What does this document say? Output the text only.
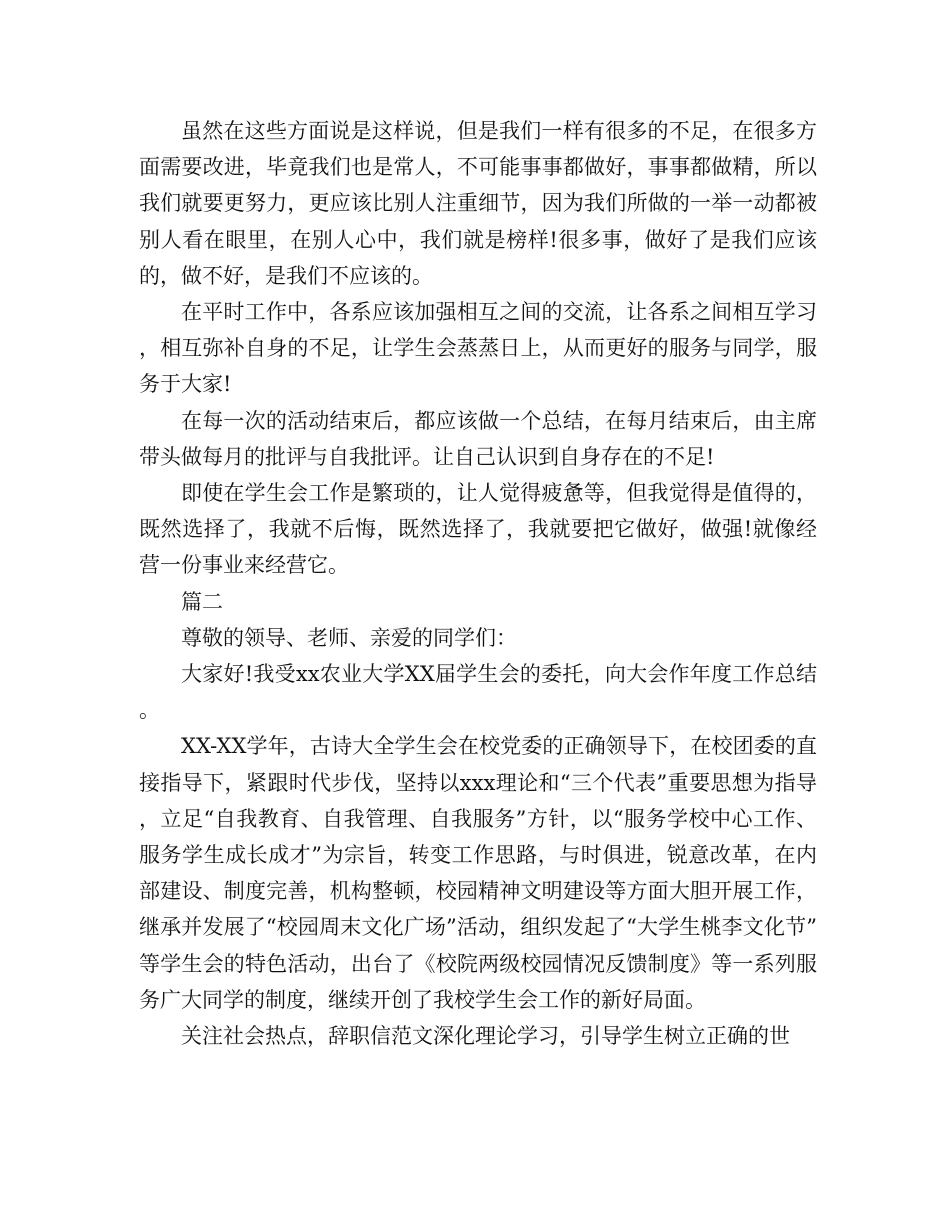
虽然在这些方面说是这样说，但是我们一样有很多的不足，在很多方面需要改进，毕竟我们也是常人，不可能事事都做好，事事都做精，所以我们就要更努力，更应该比别人注重细节，因为我们所做的一举一动都被别人看在眼里，在别人心中，我们就是榜样!很多事，做好了是我们应该的，做不好，是我们不应该的。

在平时工作中，各系应该加强相互之间的交流，让各系之间相互学习，相互弥补自身的不足，让学生会蒸蒸日上，从而更好的服务与同学，服务于大家!

在每一次的活动结束后，都应该做一个总结，在每月结束后，由主席带头做每月的批评与自我批评。让自己认识到自身存在的不足!

即使在学生会工作是繁琐的，让人觉得疲惫等，但我觉得是值得的，既然选择了，我就不后悔，既然选择了，我就要把它做好，做强!就像经营一份事业来经营它。

篇二

尊敬的领导、老师、亲爱的同学们：

大家好!我受xx农业大学XX届学生会的委托，向大会作年度工作总结。

XX-XX学年，古诗大全学生会在校党委的正确领导下，在校团委的直接指导下，紧跟时代步伐，坚持以xxx理论和“三个代表”重要思想为指导，立足“自我教育、自我管理、自我服务”方针，以“服务学校中心工作、服务学生成长成才”为宗旨，转变工作思路，与时俱进，锐意改革，在内部建设、制度完善，机构整顿，校园精神文明建设等方面大胆开展工作，继承并发展了“校园周末文化广场”活动，组织发起了“大学生桃李文化节”等学生会的特色活动，出台了《校院两级校园情况反馈制度》等一系列服务广大同学的制度，继续开创了我校学生会工作的新好局面。

关注社会热点，辞职信范文深化理论学习，引导学生树立正确的世
